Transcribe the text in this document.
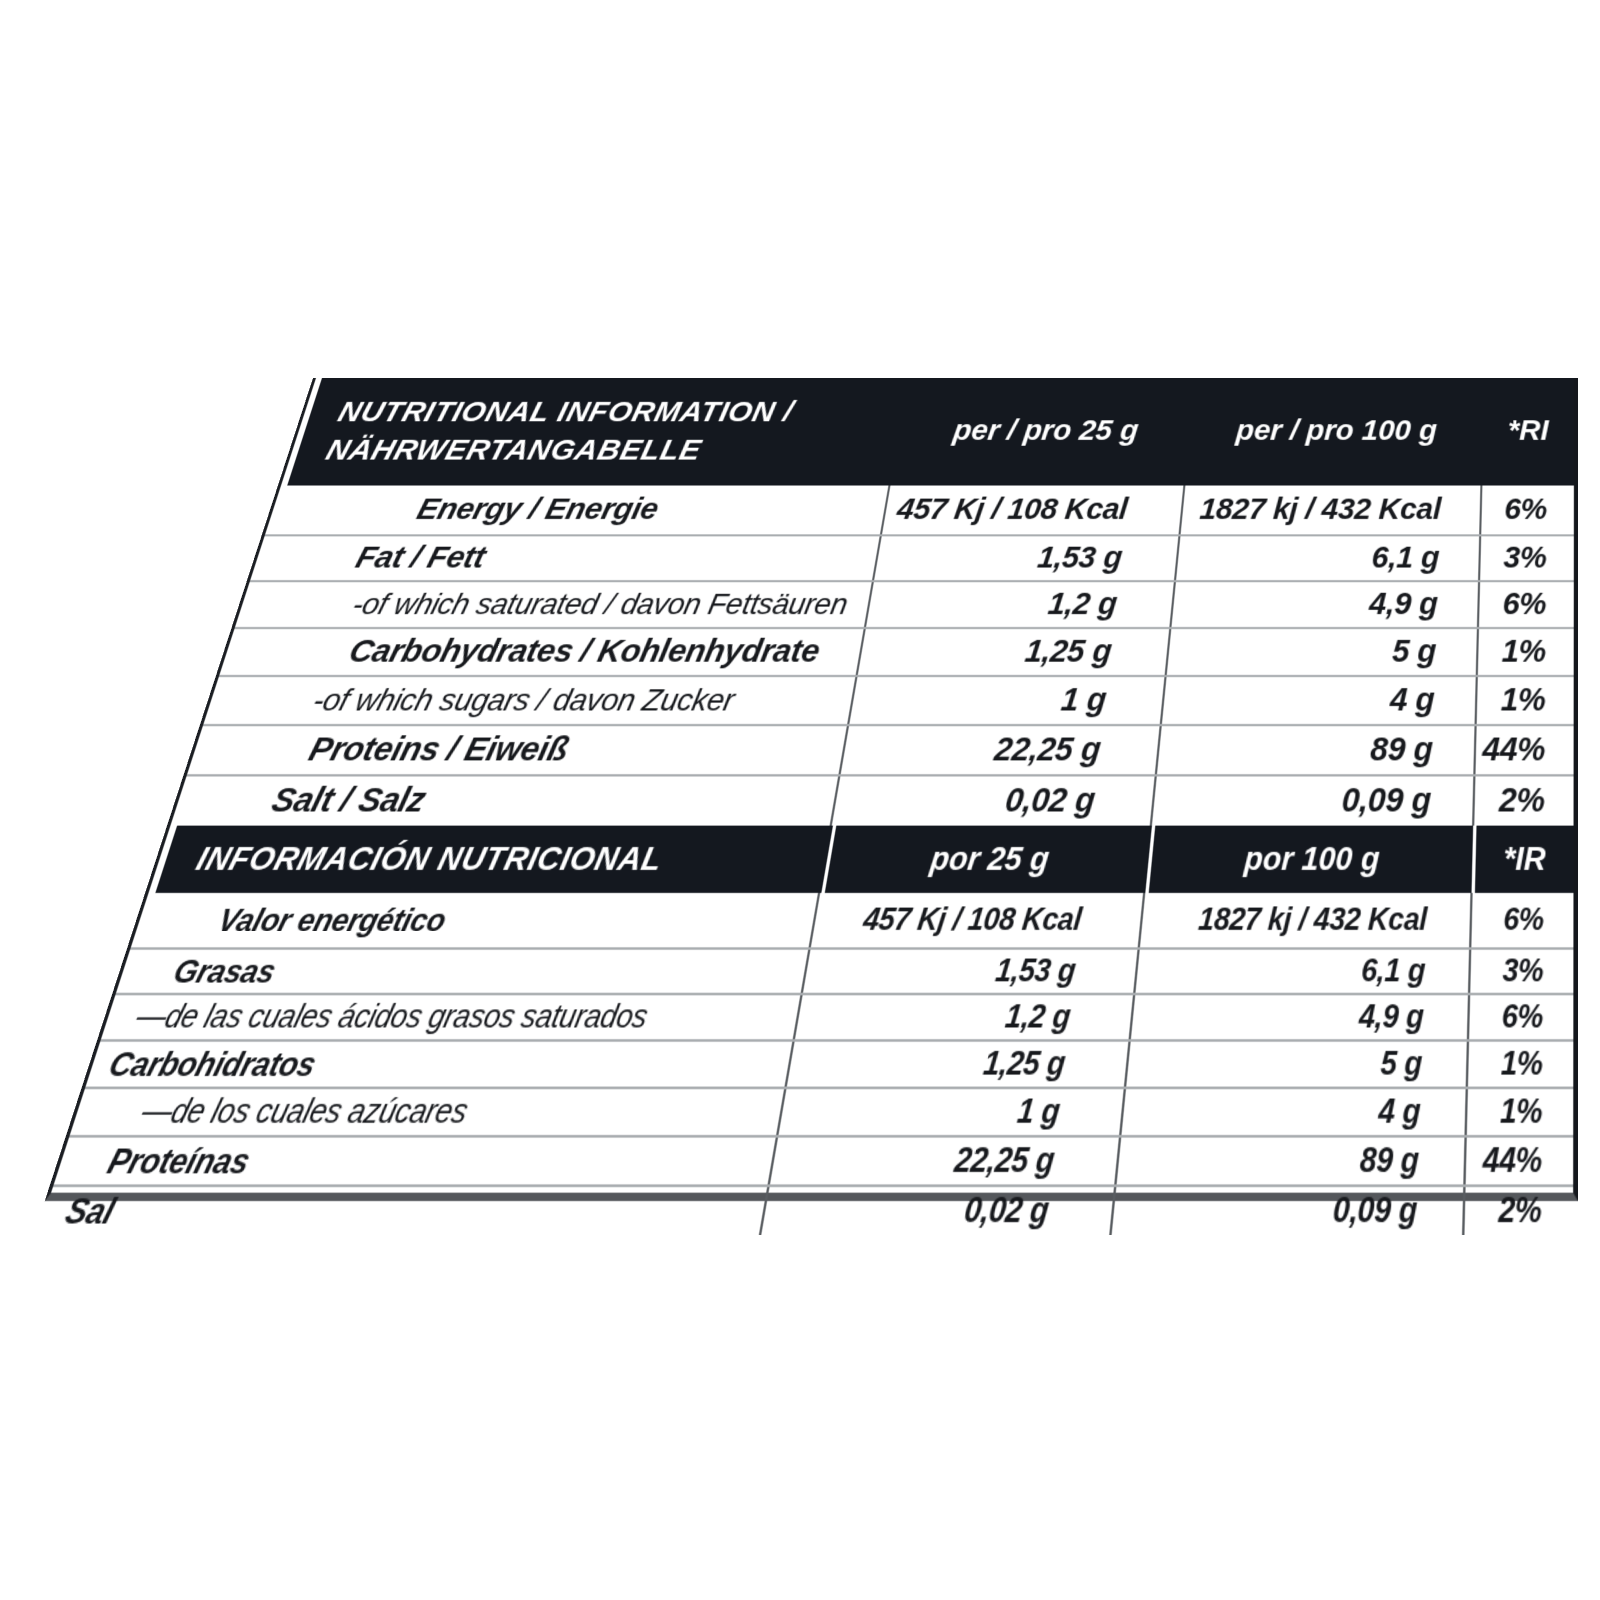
NUTRITIONAL INFORMATION /
NÄHRWERTANGABELLE
per / pro 25 g	per / pro 100 g	*RI
Energy / Energie	457 Kj / 108 Kcal	1827 kj / 432 Kcal	6%
Fat / Fett	1,53 g	6,1 g	3%
-of which saturated / davon Fettsäuren	1,2 g	4,9 g	6%
Carbohydrates / Kohlenhydrate	1,25 g	5 g	1%
-of which sugars / davon Zucker	1 g	4 g	1%
Proteins / Eiweiß	22,25 g	89 g	44%
Salt / Salz	0,02 g	0,09 g	2%
INFORMACIÓN NUTRICIONAL	por 25 g	por 100 g	*IR
Valor energético	457 Kj / 108 Kcal	1827 kj / 432 Kcal	6%
Grasas	1,53 g	6,1 g	3%
—de las cuales ácidos grasos saturados	1,2 g	4,9 g	6%
Carbohidratos	1,25 g	5 g	1%
—de los cuales azúcares	1 g	4 g	1%
Proteínas	22,25 g	89 g	44%
Sal	0,02 g	0,09 g	2%
